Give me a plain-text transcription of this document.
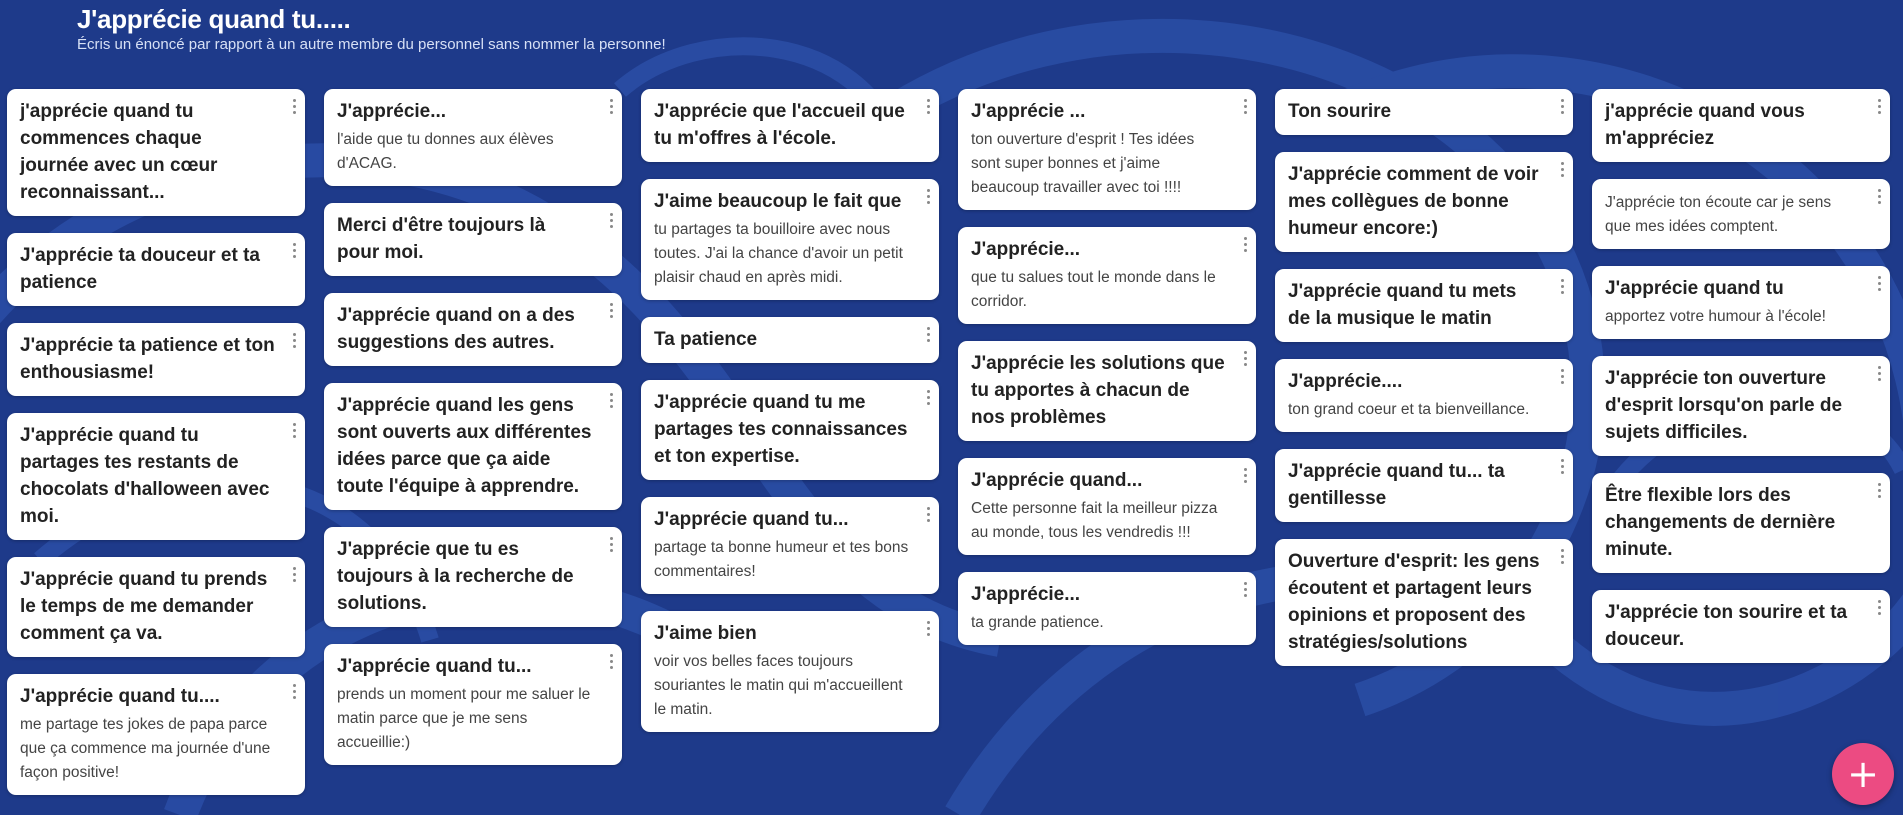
J'apprécie quand tu.....
Écris un énoncé par rapport à un autre membre du personnel sans nommer la personne!
j'apprécie quand tu commences chaque journée avec un cœur reconnaissant...
J'apprécie ta douceur et ta patience
J'apprécie ta patience et ton enthousiasme!
J'apprécie quand tu partages tes restants de chocolats d'halloween avec moi.
J'apprécie quand tu prends le temps de me demander comment ça va.
J'apprécie quand tu....
me partage tes jokes de papa parce que ça commence ma journée d'une façon positive!
J'apprécie...
l'aide que tu donnes aux élèves d'ACAG.
Merci d'être toujours là pour moi.
J'apprécie quand on a des suggestions des autres.
J'apprécie quand les gens sont ouverts aux différentes idées parce que ça aide toute l'équipe à apprendre.
J'apprécie que tu es toujours à la recherche de solutions.
J'apprécie quand tu...
prends un moment pour me saluer le matin parce que je me sens accueillie:)
J'apprécie que l'accueil que tu m'offres à l'école.
J'aime beaucoup le fait que
tu partages ta bouilloire avec nous toutes. J'ai la chance d'avoir un petit plaisir chaud en après midi.
Ta patience
J'apprécie quand tu me partages tes connaissances et ton expertise.
J'apprécie quand tu...
partage ta bonne humeur et tes bons commentaires!
J'aime bien
voir vos belles faces toujours souriantes le matin qui m'accueillent le matin.
J'apprécie ...
ton ouverture d'esprit ! Tes idées sont super bonnes et j'aime beaucoup travailler avec toi !!!!
J'apprécie...
que tu salues tout le monde dans le corridor.
J'apprécie les solutions que tu apportes à chacun de nos problèmes
J'apprécie quand...
Cette personne fait la meilleur pizza au monde, tous les vendredis !!!
J'apprécie...
ta grande patience.
Ton sourire
J'apprécie comment de voir mes collègues de bonne humeur encore:)
J'apprécie quand tu mets de la musique le matin
J'apprécie....
ton grand coeur et ta bienveillance.
J'apprécie quand tu... ta gentillesse
Ouverture d'esprit: les gens écoutent et partagent leurs opinions et proposent des stratégies/solutions
j'apprécie quand vous m'appréciez
J'apprécie ton écoute car je sens que mes idées comptent.
J'apprécie quand tu
apportez votre humour à l'école!
J'apprécie ton ouverture d'esprit lorsqu'on parle de sujets difficiles.
Être flexible lors des changements de dernière minute.
J'apprécie ton sourire et ta douceur.
+
